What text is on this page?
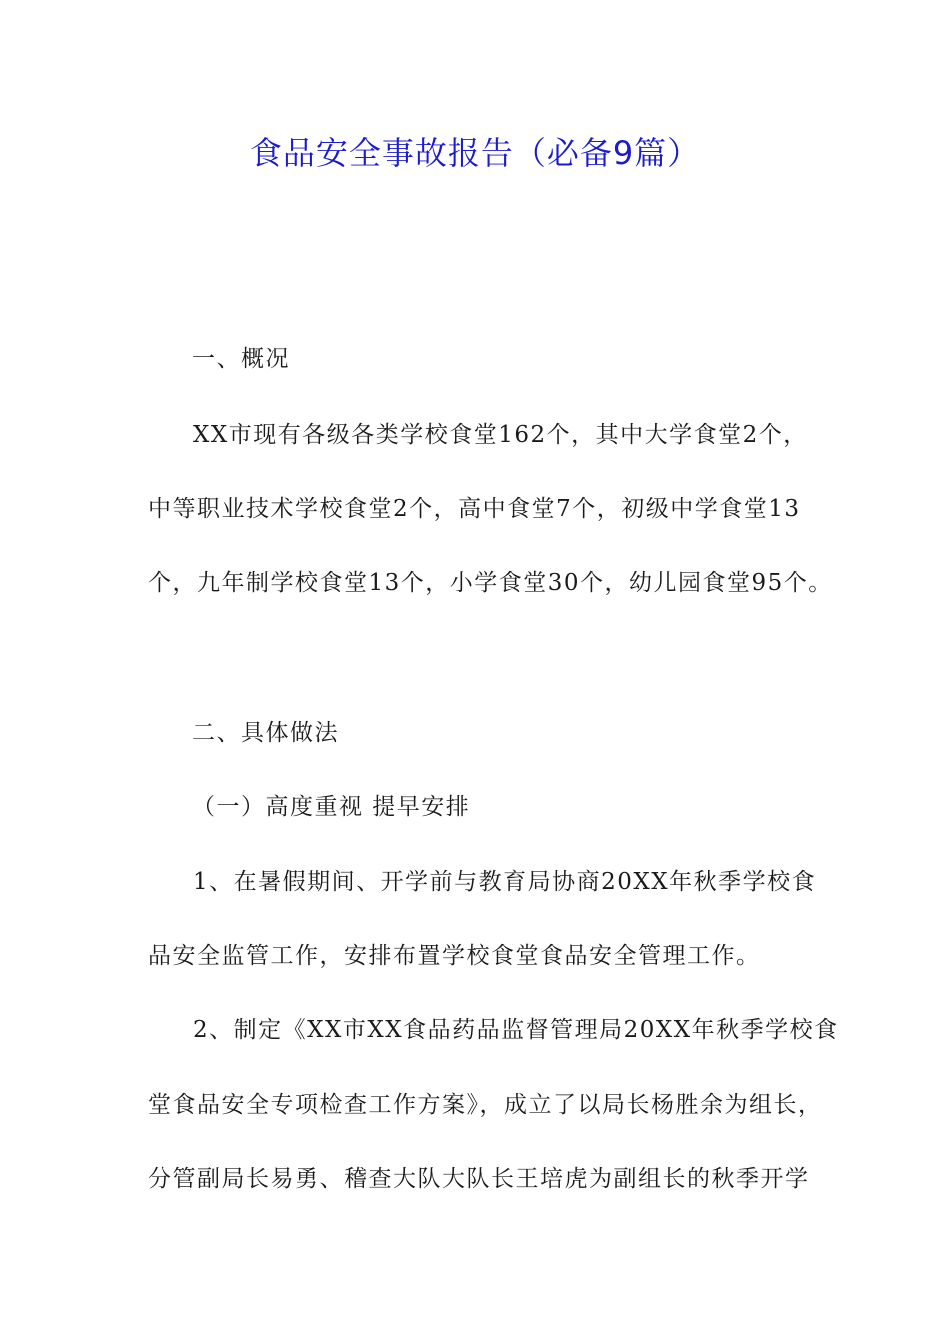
食品安全事故报告（必备9篇）
一、概况
XX市现有各级各类学校食堂162个，其中大学食堂2个，
中等职业技术学校食堂2个，高中食堂7个，初级中学食堂13
个，九年制学校食堂13个，小学食堂30个，幼儿园食堂95个。
二、具体做法
（一）高度重视 提早安排
1、在暑假期间、开学前与教育局协商20XX年秋季学校食
品安全监管工作，安排布置学校食堂食品安全管理工作。
2、制定《XX市XX食品药品监督管理局20XX年秋季学校食
堂食品安全专项检查工作方案》，成立了以局长杨胜余为组长，
分管副局长易勇、稽查大队大队长王培虎为副组长的秋季开学
